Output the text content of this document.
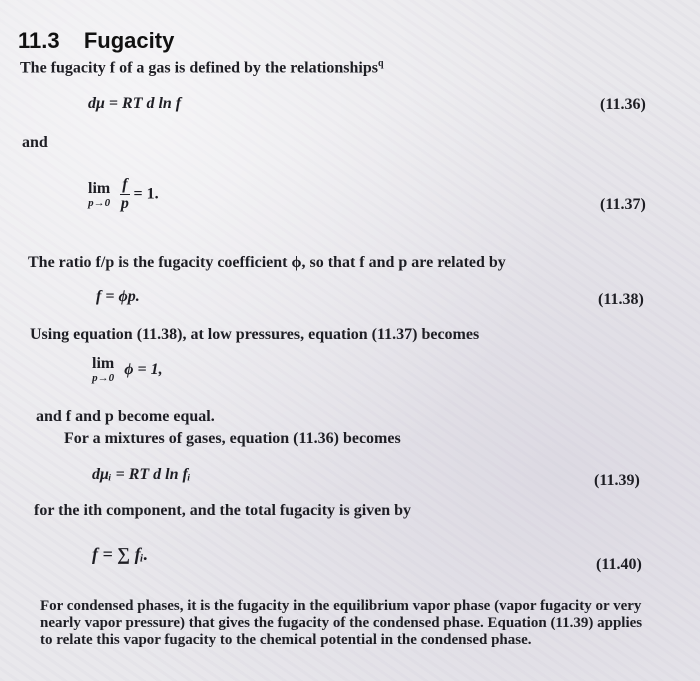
11.3 Fugacity
The fugacity f of a gas is defined by the relationships$^q$
dμ = RT d ln f	(11.36)
and
lim
p→0
$\frac{f}{p} = 1$.
(11.37)
The ratio f/p is the fugacity coefficient ϕ, so that f and p are related by
f = ϕp.	(11.38)
Using equation (11.38), at low pressures, equation (11.37) becomes
lim
p→0 ϕ = 1,
and f and p become equal.
For a mixtures of gases, equation (11.36) becomes
dμᵢ = RT d ln fᵢ	(11.39)
for the ith component, and the total fugacity is given by
f = ∑ fᵢ.
(11.40)
For condensed phases, it is the fugacity in the equilibrium vapor phase (vapor fugacity or very nearly vapor pressure) that gives the fugacity of the condensed phase. Equation (11.39) applies to relate this vapor fugacity to the chemical potential in the condensed phase.
